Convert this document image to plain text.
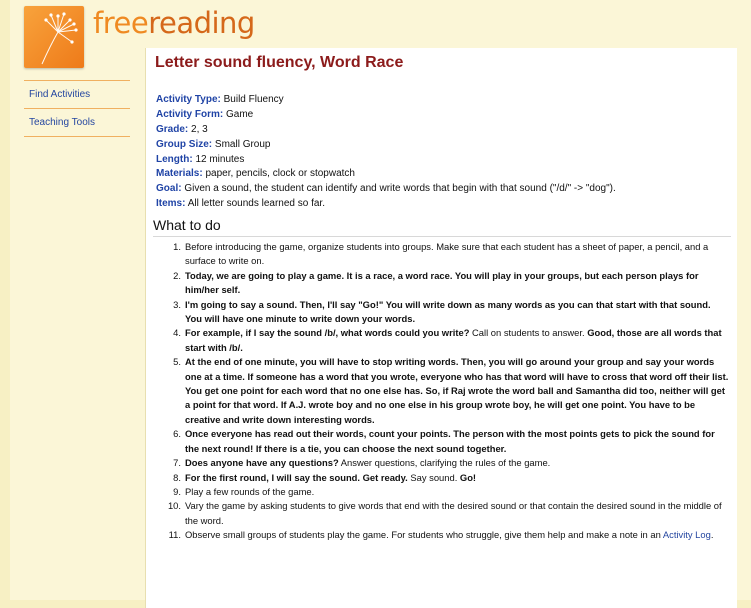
freereading
Find Activities
Teaching Tools
Letter sound fluency, Word Race
Activity Type: Build Fluency
Activity Form: Game
Grade: 2, 3
Group Size: Small Group
Length: 12 minutes
Materials: paper, pencils, clock or stopwatch
Goal: Given a sound, the student can identify and write words that begin with that sound ("/d/" -> "dog").
Items: All letter sounds learned so far.
What to do
1. Before introducing the game, organize students into groups. Make sure that each student has a sheet of paper, a pencil, and a
surface to write on.
2. Today, we are going to play a game. It is a race, a word race. You will play in your groups, but each person plays for
him/her self.
3. I'm going to say a sound. Then, I'll say "Go!" You will write down as many words as you can that start with that sound.
You will have one minute to write down your words.
4. For example, if I say the sound /b/, what words could you write? Call on students to answer. Good, those are all words that
start with /b/.
5. At the end of one minute, you will have to stop writing words. Then, you will go around your group and say your words
one at a time. If someone has a word that you wrote, everyone who has that word will have to cross that word off their list.
You get one point for each word that no one else has. So, if Raj wrote the word ball and Samantha did too, neither will get
a point for that word. If A.J. wrote boy and no one else in his group wrote boy, he will get one point. You have to be
creative and write down interesting words.
6. Once everyone has read out their words, count your points. The person with the most points gets to pick the sound for
the next round! If there is a tie, you can choose the next sound together.
7. Does anyone have any questions? Answer questions, clarifying the rules of the game.
8. For the first round, I will say the sound. Get ready. Say sound. Go!
9. Play a few rounds of the game.
10. Vary the game by asking students to give words that end with the desired sound or that contain the desired sound in the middle of
the word.
11. Observe small groups of students play the game. For students who struggle, give them help and make a note in an Activity Log.
